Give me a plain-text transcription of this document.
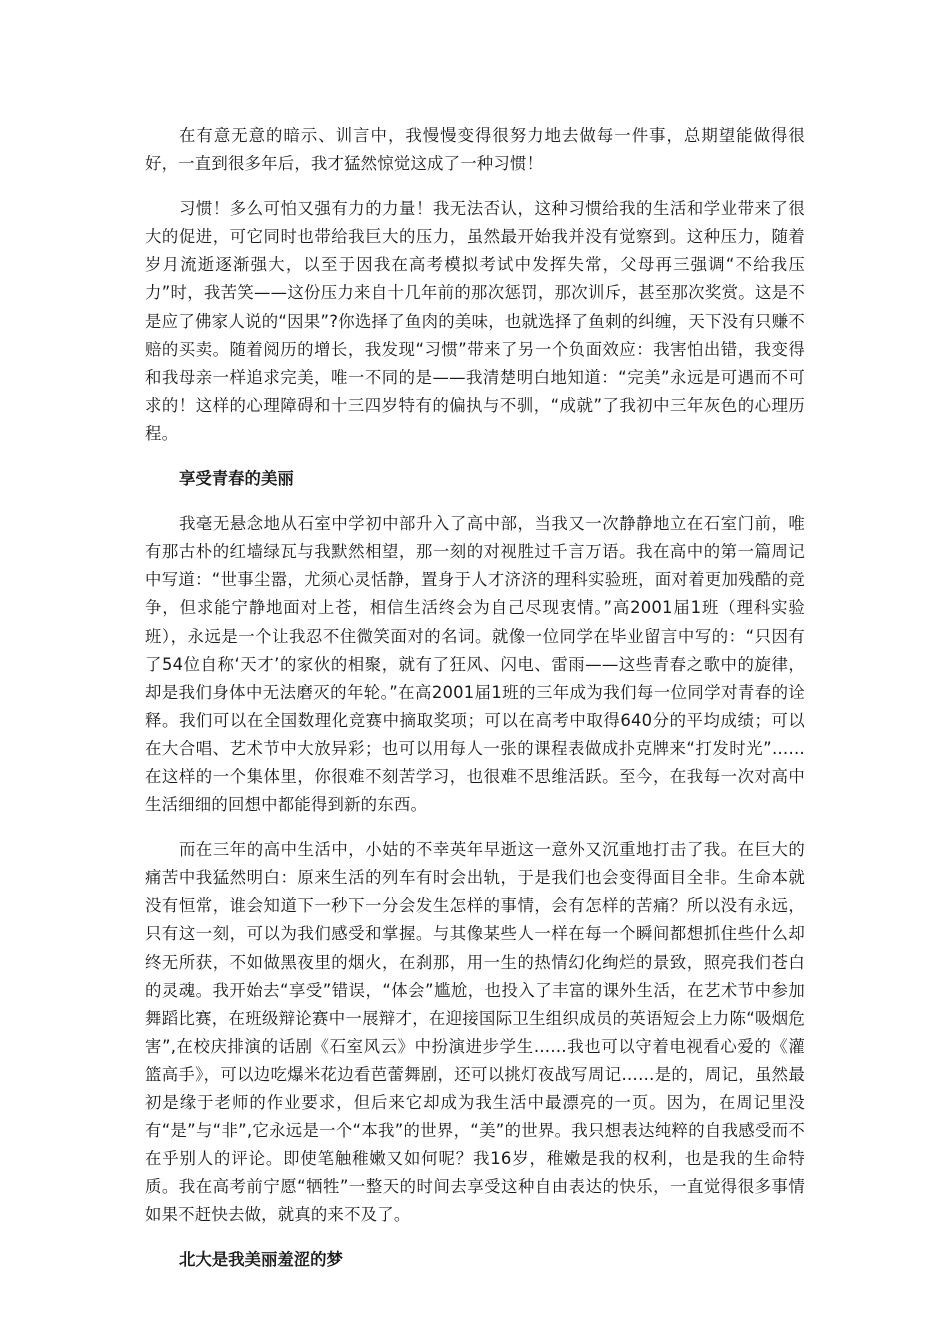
在有意无意的暗示、训言中，我慢慢变得很努力地去做每一件事，总期望能做得很好，一直到很多年后，我才猛然惊觉这成了一种习惯！

习惯！多么可怕又强有力的力量！我无法否认，这种习惯给我的生活和学业带来了很大的促进，可它同时也带给我巨大的压力，虽然最开始我并没有觉察到。这种压力，随着岁月流逝逐渐强大，以至于因我在高考模拟考试中发挥失常，父母再三强调“不给我压力”时，我苦笑——这份压力来自十几年前的那次惩罚，那次训斥，甚至那次奖赏。这是不是应了佛家人说的“因果”?你选择了鱼肉的美味，也就选择了鱼刺的纠缠，天下没有只赚不赔的买卖。随着阅历的增长，我发现“习惯”带来了另一个负面效应：我害怕出错，我变得和我母亲一样追求完美，唯一不同的是——我清楚明白地知道：“完美”永远是可遇而不可求的！这样的心理障碍和十三四岁特有的偏执与不驯，“成就”了我初中三年灰色的心理历程。

享受青春的美丽

我毫无悬念地从石室中学初中部升入了高中部，当我又一次静静地立在石室门前，唯有那古朴的红墙绿瓦与我默然相望，那一刻的对视胜过千言万语。我在高中的第一篇周记中写道：“世事尘嚣，尤须心灵恬静，置身于人才济济的理科实验班，面对着更加残酷的竞争，但求能宁静地面对上苍，相信生活终会为自己尽现衷情。”高2001届1班（理科实验班），永远是一个让我忍不住微笑面对的名词。就像一位同学在毕业留言中写的：“只因有了54位自称‘天才’的家伙的相聚，就有了狂风、闪电、雷雨——这些青春之歌中的旋律，却是我们身体中无法磨灭的年轮。”在高2001届1班的三年成为我们每一位同学对青春的诠释。我们可以在全国数理化竞赛中摘取奖项；可以在高考中取得640分的平均成绩；可以在大合唱、艺术节中大放异彩；也可以用每人一张的课程表做成扑克牌来“打发时光”……在这样的一个集体里，你很难不刻苦学习，也很难不思维活跃。至今，在我每一次对高中生活细细的回想中都能得到新的东西。

而在三年的高中生活中，小姑的不幸英年早逝这一意外又沉重地打击了我。在巨大的痛苦中我猛然明白：原来生活的列车有时会出轨，于是我们也会变得面目全非。生命本就没有恒常，谁会知道下一秒下一分会发生怎样的事情，会有怎样的苦痛？所以没有永远，只有这一刻，可以为我们感受和掌握。与其像某些人一样在每一个瞬间都想抓住些什么却终无所获，不如做黑夜里的烟火，在刹那，用一生的热情幻化绚烂的景致，照亮我们苍白的灵魂。我开始去“享受”错误，“体会”尴尬，也投入了丰富的课外生活，在艺术节中参加舞蹈比赛，在班级辩论赛中一展辩才，在迎接国际卫生组织成员的英语短会上力陈“吸烟危害”,在校庆排演的话剧《石室风云》中扮演进步学生……我也可以守着电视看心爱的《灌篮高手》，可以边吃爆米花边看芭蕾舞剧，还可以挑灯夜战写周记……是的，周记，虽然最初是缘于老师的作业要求，但后来它却成为我生活中最漂亮的一页。因为，在周记里没有“是”与“非”,它永远是一个“本我”的世界，“美”的世界。我只想表达纯粹的自我感受而不在乎别人的评论。即使笔触稚嫩又如何呢？我16岁，稚嫩是我的权利，也是我的生命特质。我在高考前宁愿“牺牲”一整天的时间去享受这种自由表达的快乐，一直觉得很多事情如果不赶快去做，就真的来不及了。

北大是我美丽羞涩的梦
